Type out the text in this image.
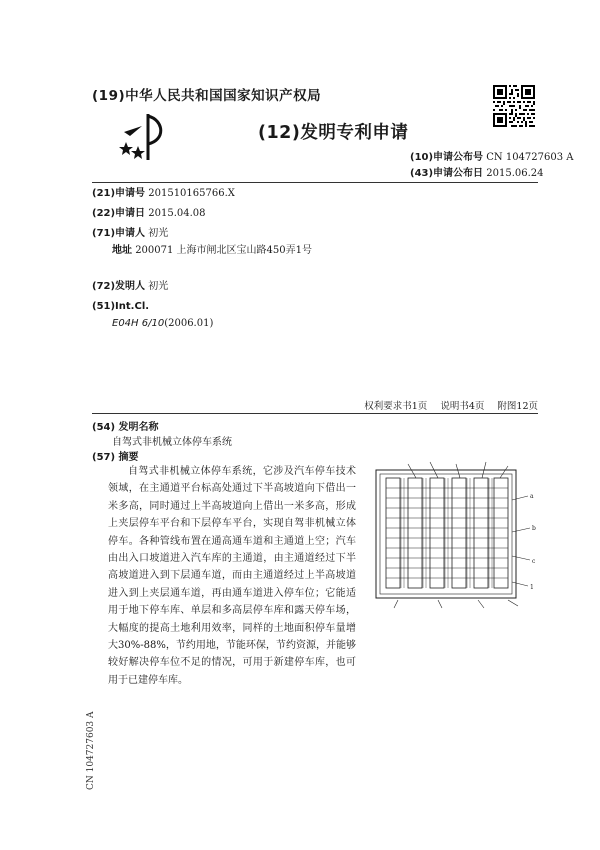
(19)中华人民共和国国家知识产权局
(12)发明专利申请
(10)申请公布号 CN 104727603 A
(43)申请公布日 2015.06.24
(21)申请号 201510165766.X
(22)申请日 2015.04.08
(71)申请人 初光
地址 200071 上海市闸北区宝山路450弄1号
(72)发明人 初光
(51)Int.Cl.
E04H 6/10(2006.01)
权利要求书1页 说明书4页 附图12页
(54) 发明名称
自驾式非机械立体停车系统
(57) 摘要
自驾式非机械立体停车系统，它涉及汽车停车技术领域，在主通道平台标高处通过下半高坡道向下借出一米多高，同时通过上半高坡道向上借出一米多高，形成上夹层停车平台和下层停车平台，实现自驾非机械立体停车。各种管线布置在通高通车道和主通道上空；汽车由出入口坡道进入汽车库的主通道，由主通道经过下半高坡道进入到下层通车道，而由主通道经过上半高坡道进入到上夹层通车道，再由通车道进入停车位；它能适用于地下停车库、单层和多高层停车库和露天停车场，大幅度的提高土地利用效率，同样的土地面积停车量增大30%-88%，节约用地，节能环保，节约资源，并能够较好解决停车位不足的情况，可用于新建停车库，也可用于已建停车库。
a
b
c
1
CN 104727603 A
